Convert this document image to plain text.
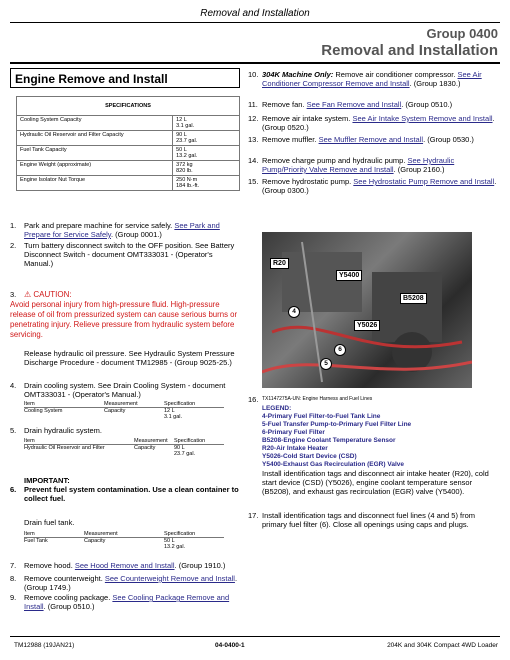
Removal and Installation
Group 0400
Removal and Installation
Engine Remove and Install
SPECIFICATIONS	
Cooling System Capacity	12 L
3.1 gal.
Hydraulic Oil Reservoir and Filter Capacity	90 L
23.7 gal.
Fuel Tank Capacity	50 L
13.2 gal.
Engine Weight (approximate)	372 kg
820 lb.
Engine Isolator Nut Torque	250 N·m
184 lb.-ft.
1. Park and prepare machine for service safely. See Park and Prepare for Service Safely. (Group 0001.)
2. Turn battery disconnect switch to the OFF position. See Battery Disconnect Switch - document OMT333031 - (Operator's Manual.)
3. ⚠ CAUTION:
Avoid personal injury from high-pressure fluid. High-pressure release of oil from pressurized system can cause serious burns or penetrating injury. Relieve pressure from hydraulic system before servicing.
Release hydraulic oil pressure. See Hydraulic System Pressure Discharge Procedure - document TM12985 - (Group 9025-25.)
4. Drain cooling system. See Drain Cooling System - document OMT333031 - (Operator's Manual.)
Item	Measurement	Specification
Cooling System	Capacity	12 L
3.1 gal.
5. Drain hydraulic system.
Item	Measurement	Specification
Hydraulic Oil Reservoir and Filter	Capacity	90 L
23.7 gal.
IMPORTANT:
6. Prevent fuel system contamination. Use a clean container to collect fuel.
Drain fuel tank.
Item	Measurement	Specification
Fuel Tank	Capacity	50 L
13.2 gal.
7. Remove hood. See Hood Remove and Install. (Group 1910.)
8. Remove counterweight. See Counterweight Remove and Install. (Group 1749.)
9. Remove cooling package. See Cooling Package Remove and Install. (Group 0510.)
10. 304K Machine Only: Remove air conditioner compressor. See Air Conditioner Compressor Remove and Install. (Group 1830.)
11. Remove fan. See Fan Remove and Install. (Group 0510.)
12. Remove air intake system. See Air Intake System Remove and Install. (Group 0520.)
13. Remove muffler. See Muffler Remove and Install. (Group 0530.)
14. Remove charge pump and hydraulic pump. See Hydraulic Pump/Priority Valve Remove and Install. (Group 2160.)
15. Remove hydrostatic pump. See Hydrostatic Pump Remove and Install. (Group 0300.)
R20
Y5400
B5208
Y5026
4
6
5
16. TX1147275A-UN: Engine Harness and Fuel Lines
LEGEND:
4-Primary Fuel Filter-to-Fuel Tank Line
5-Fuel Transfer Pump-to-Primary Fuel Filter Line
6-Primary Fuel Filter
B5208-Engine Coolant Temperature Sensor
R20-Air Intake Heater
Y5026-Cold Start Device (CSD)
Y5400-Exhaust Gas Recirculation (EGR) Valve
Install identification tags and disconnect air intake heater (R20), cold start device (CSD) (Y5026), engine coolant temperature sensor (B5208), and exhaust gas recirculation (EGR) valve (Y5400).
17. Install identification tags and disconnect fuel lines (4 and 5) from primary fuel filter (6). Close all openings using caps and plugs.
TM12988 (19JAN21)	04-0400-1	204K and 304K Compact 4WD Loader
